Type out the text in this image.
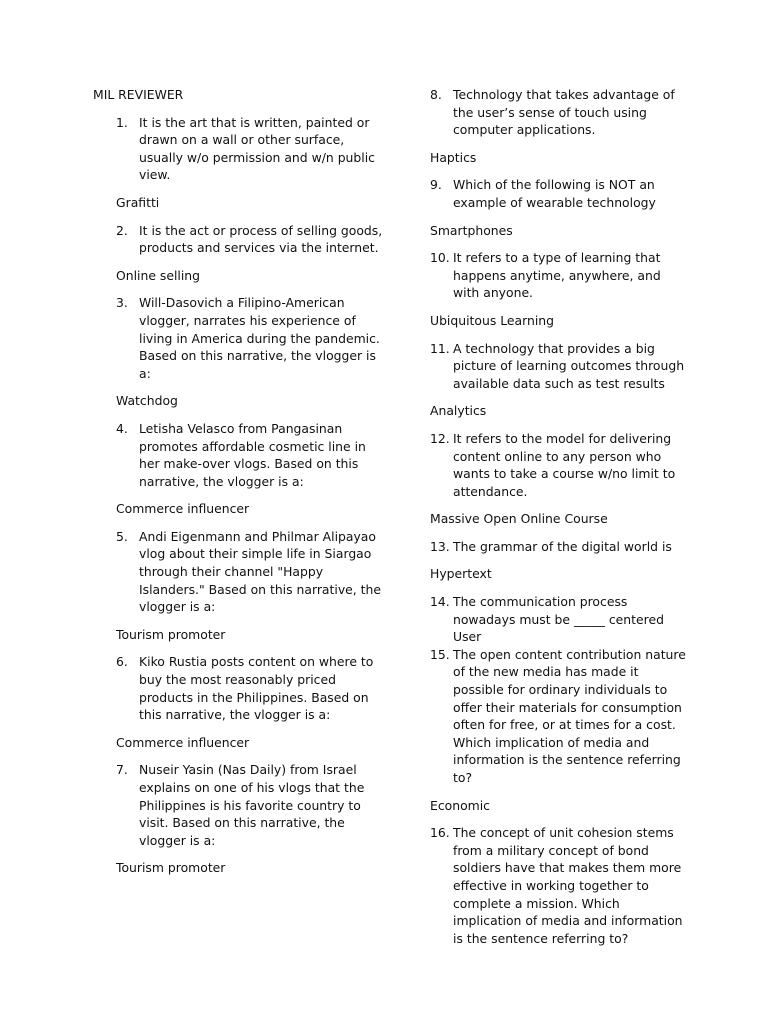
MIL REVIEWER
1. It is the art that is written, painted or drawn on a wall or other surface, usually w/o permission and w/n public view.
Grafitti
2. It is the act or process of selling goods, products and services via the internet.
Online selling
3. Will-Dasovich a Filipino-American vlogger, narrates his experience of living in America during the pandemic. Based on this narrative, the vlogger is a:
Watchdog
4. Letisha Velasco from Pangasinan promotes affordable cosmetic line in her make-over vlogs. Based on this narrative, the vlogger is a:
Commerce influencer
5. Andi Eigenmann and Philmar Alipayao vlog about their simple life in Siargao through their channel "Happy Islanders." Based on this narrative, the vlogger is a:
Tourism promoter
6. Kiko Rustia posts content on where to buy the most reasonably priced products in the Philippines. Based on this narrative, the vlogger is a:
Commerce influencer
7. Nuseir Yasin (Nas Daily) from Israel explains on one of his vlogs that the Philippines is his favorite country to visit. Based on this narrative, the vlogger is a:
Tourism promoter
8. Technology that takes advantage of the user’s sense of touch using computer applications.
Haptics
9. Which of the following is NOT an example of wearable technology
Smartphones
10. It refers to a type of learning that happens anytime, anywhere, and with anyone.
Ubiquitous Learning
11. A technology that provides a big picture of learning outcomes through available data such as test results
Analytics
12. It refers to the model for delivering content online to any person who wants to take a course w/no limit to attendance.
Massive Open Online Course
13. The grammar of the digital world is
Hypertext
14. The communication process nowadays must be _____ centered
User
15. The open content contribution nature of the new media has made it possible for ordinary individuals to offer their materials for consumption often for free, or at times for a cost. Which implication of media and information is the sentence referring to?
Economic
16. The concept of unit cohesion stems from a military concept of bond soldiers have that makes them more effective in working together to complete a mission. Which implication of media and information is the sentence referring to?
